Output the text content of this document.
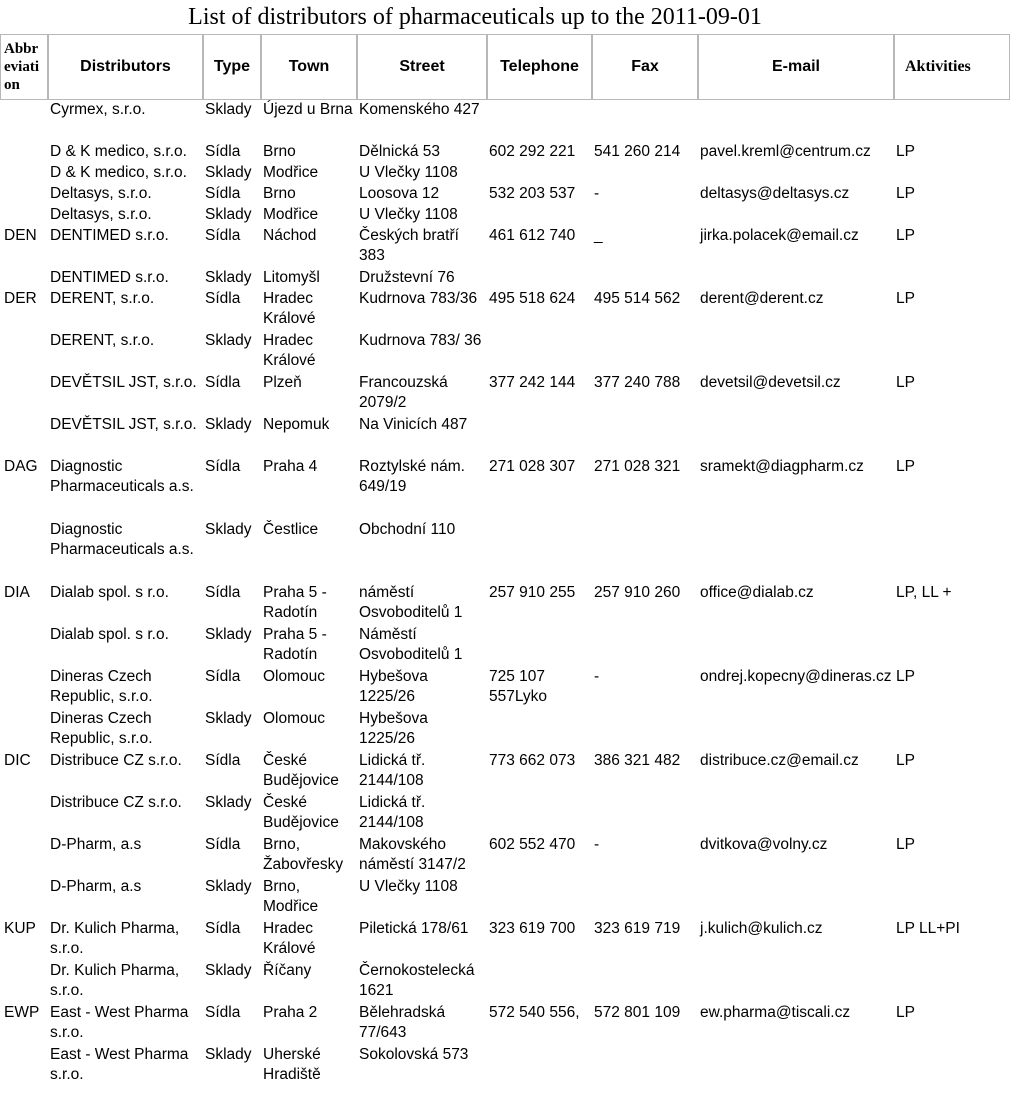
List of distributors of pharmaceuticals up to the 2011-09-01
Abbr eviati on	Distributors	Type	Town	Street	Telephone	Fax	E-mail	Aktivities
	Cyrmex, s.r.o.	Sklady	Újezd u Brna	Komenského 427				
	D & K medico, s.r.o.	Sídla	Brno	Dělnická 53	602 292 221	541 260 214	pavel.kreml@centrum.cz	LP
	D & K medico, s.r.o.	Sklady	Modřice	U Vlečky 1108				
	Deltasys, s.r.o.	Sídla	Brno	Loosova 12	532 203 537	-	deltasys@deltasys.cz	LP
	Deltasys, s.r.o.	Sklady	Modřice	U Vlečky 1108				
DEN	DENTIMED s.r.o.	Sídla	Náchod	Českých bratří 383	461 612 740	_	jirka.polacek@email.cz	LP
	DENTIMED s.r.o.	Sklady	Litomyšl	Družstevní 76				
DER	DERENT, s.r.o.	Sídla	Hradec Králové	Kudrnova 783/36	495 518 624	495 514 562	derent@derent.cz	LP
	DERENT, s.r.o.	Sklady	Hradec Králové	Kudrnova 783/ 36				
	DEVĚTSIL JST, s.r.o.	Sídla	Plzeň	Francouzská 2079/2	377 242 144	377 240 788	devetsil@devetsil.cz	LP
	DEVĚTSIL JST, s.r.o.	Sklady	Nepomuk	Na Vinicích 487				
DAG	Diagnostic Pharmaceuticals a.s.	Sídla	Praha 4	Roztylské nám. 649/19	271 028 307	271 028 321	sramekt@diagpharm.cz	LP
	Diagnostic Pharmaceuticals a.s.	Sklady	Čestlice	Obchodní 110				
DIA	Dialab spol. s r.o.	Sídla	Praha 5 - Radotín	náměstí Osvoboditelů 1	257 910 255	257 910 260	office@dialab.cz	LP, LL +
	Dialab spol. s r.o.	Sklady	Praha 5 - Radotín	Náměstí Osvoboditelů 1				
	Dineras Czech Republic, s.r.o.	Sídla	Olomouc	Hybešova 1225/26	725 107 557Lyko	-	ondrej.kopecny@dineras.cz	LP
	Dineras Czech Republic, s.r.o.	Sklady	Olomouc	Hybešova 1225/26				
DIC	Distribuce CZ s.r.o.	Sídla	České Budějovice	Lidická tř. 2144/108	773 662 073	386 321 482	distribuce.cz@email.cz	LP
	Distribuce CZ s.r.o.	Sklady	České Budějovice	Lidická tř. 2144/108				
	D-Pharm, a.s	Sídla	Brno, Žabovřesky	Makovského náměstí 3147/2	602 552 470	-	dvitkova@volny.cz	LP
	D-Pharm, a.s	Sklady	Brno, Modřice	U Vlečky 1108				
KUP	Dr. Kulich Pharma, s.r.o.	Sídla	Hradec Králové	Piletická 178/61	323 619 700	323 619 719	j.kulich@kulich.cz	LP LL+PI
	Dr. Kulich Pharma, s.r.o.	Sklady	Říčany	Černokostelecká 1621				
EWP	East - West Pharma s.r.o.	Sídla	Praha 2	Bělehradská 77/643	572 540 556,	572 801 109	ew.pharma@tiscali.cz	LP
	East - West Pharma s.r.o.	Sklady	Uherské Hradiště	Sokolovská 573				
